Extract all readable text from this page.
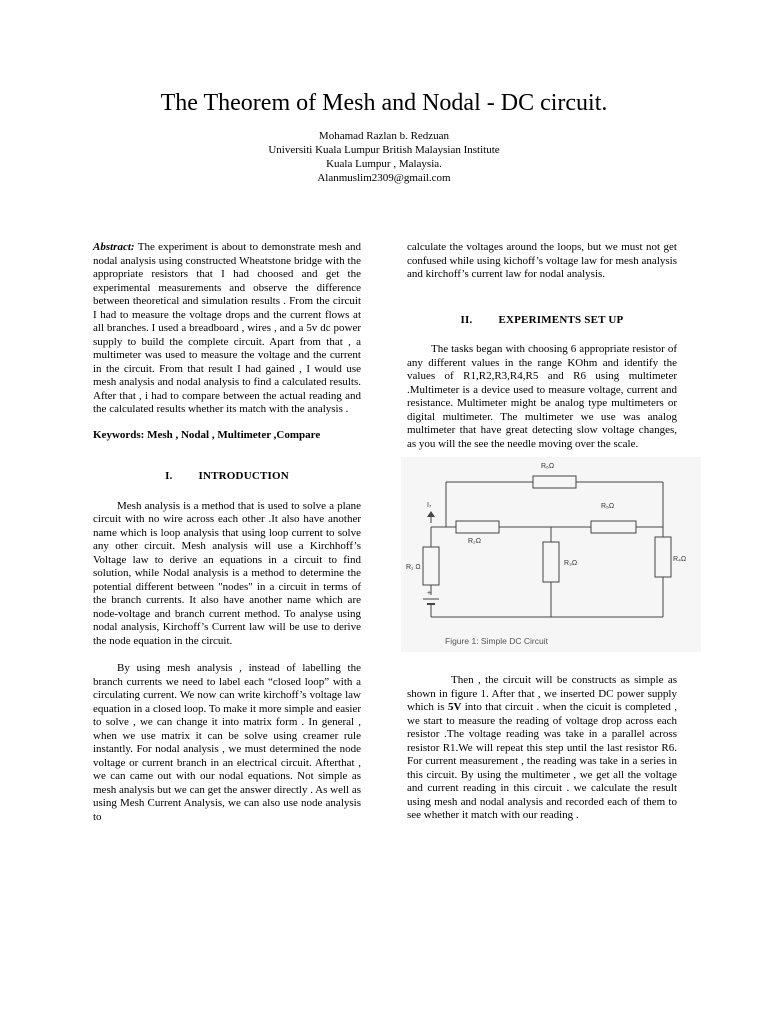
The Theorem of Mesh and Nodal - DC circuit.
Mohamad Razlan b. Redzuan
Universiti Kuala Lumpur British Malaysian Institute
Kuala Lumpur , Malaysia.
Alanmuslim2309@gmail.com

Abstract: The experiment is about to demonstrate mesh and nodal analysis using constructed Wheatstone bridge with the appropriate resistors that I had choosed and get the experimental measurements and observe the difference between theoretical and simulation results . From the circuit I had to measure the voltage drops and the current flows at all branches. I used a breadboard , wires , and a 5v dc power supply to build the complete circuit. Apart from that , a multimeter was used to measure the voltage and the current in the circuit. From that result I had gained , I would use mesh analysis and nodal analysis to find a calculated results. After that , i had to compare between the actual reading and the calculated results whether its match with the analysis .

Keywords: Mesh , Nodal , Multimeter ,Compare

I. INTRODUCTION

Mesh analysis is a method that is used to solve a plane circuit with no wire across each other .It also have another name which is loop analysis that using loop current to solve any other circuit. Mesh analysis will use a Kirchhoff’s Voltage law to derive an equations in a circuit to find solution, while Nodal analysis is a method to determine the potential different between "nodes" in a circuit in terms of the branch currents. It also have another name which are node-voltage and branch current method. To analyse using nodal analysis, Kirchoff’s Current law will be use to derive the node equation in the circuit.

By using mesh analysis , instead of labelling the branch currents we need to label each “closed loop” with a circulating current. We now can write kirchoff’s voltage law equation in a closed loop. To make it more simple and easier to solve , we can change it into matrix form . In general , when we use matrix it can be solve using creamer rule instantly. For nodal analysis , we must determined the node voltage or current branch in an electrical circuit. Afterthat , we can came out with our nodal equations. Not simple as mesh analysis but we can get the answer directly . As well as using Mesh Current Analysis, we can also use node analysis to

calculate the voltages around the loops, but we must not get confused while using kichoff’s voltage law for mesh analysis and kirchoff’s current law for nodal analysis.

II. EXPERIMENTS SET UP

The tasks began with choosing 6 appropriate resistor of any different values in the range KOhm and identify the values of R1,R2,R3,R4,R5 and R6 using multimeter .Multimeter is a device used to measure voltage, current and resistance. Multimeter might be analog type multimeters or digital multimeter. The multimeter we use was analog multimeter that have great detecting slow voltage changes, as you will the see the needle moving over the scale.

R₆Ω
R₅Ω
R₂Ω
R₁ Ω
R₃Ω
R₄Ω
I₇
+
Figure 1: Simple DC Circuit

Then , the circuit will be constructs as simple as shown in figure 1. After that , we inserted DC power supply which is 5V into that circuit . when the cicuit is completed , we start to measure the reading of voltage drop across each resistor .The voltage reading was take in a parallel across resistor R1.We will repeat this step until the last resistor R6. For current measurement , the reading was take in a series in this circuit. By using the multimeter , we get all the voltage and current reading in this circuit . we calculate the result using mesh and nodal analysis and recorded each of them to see whether it match with our reading .
